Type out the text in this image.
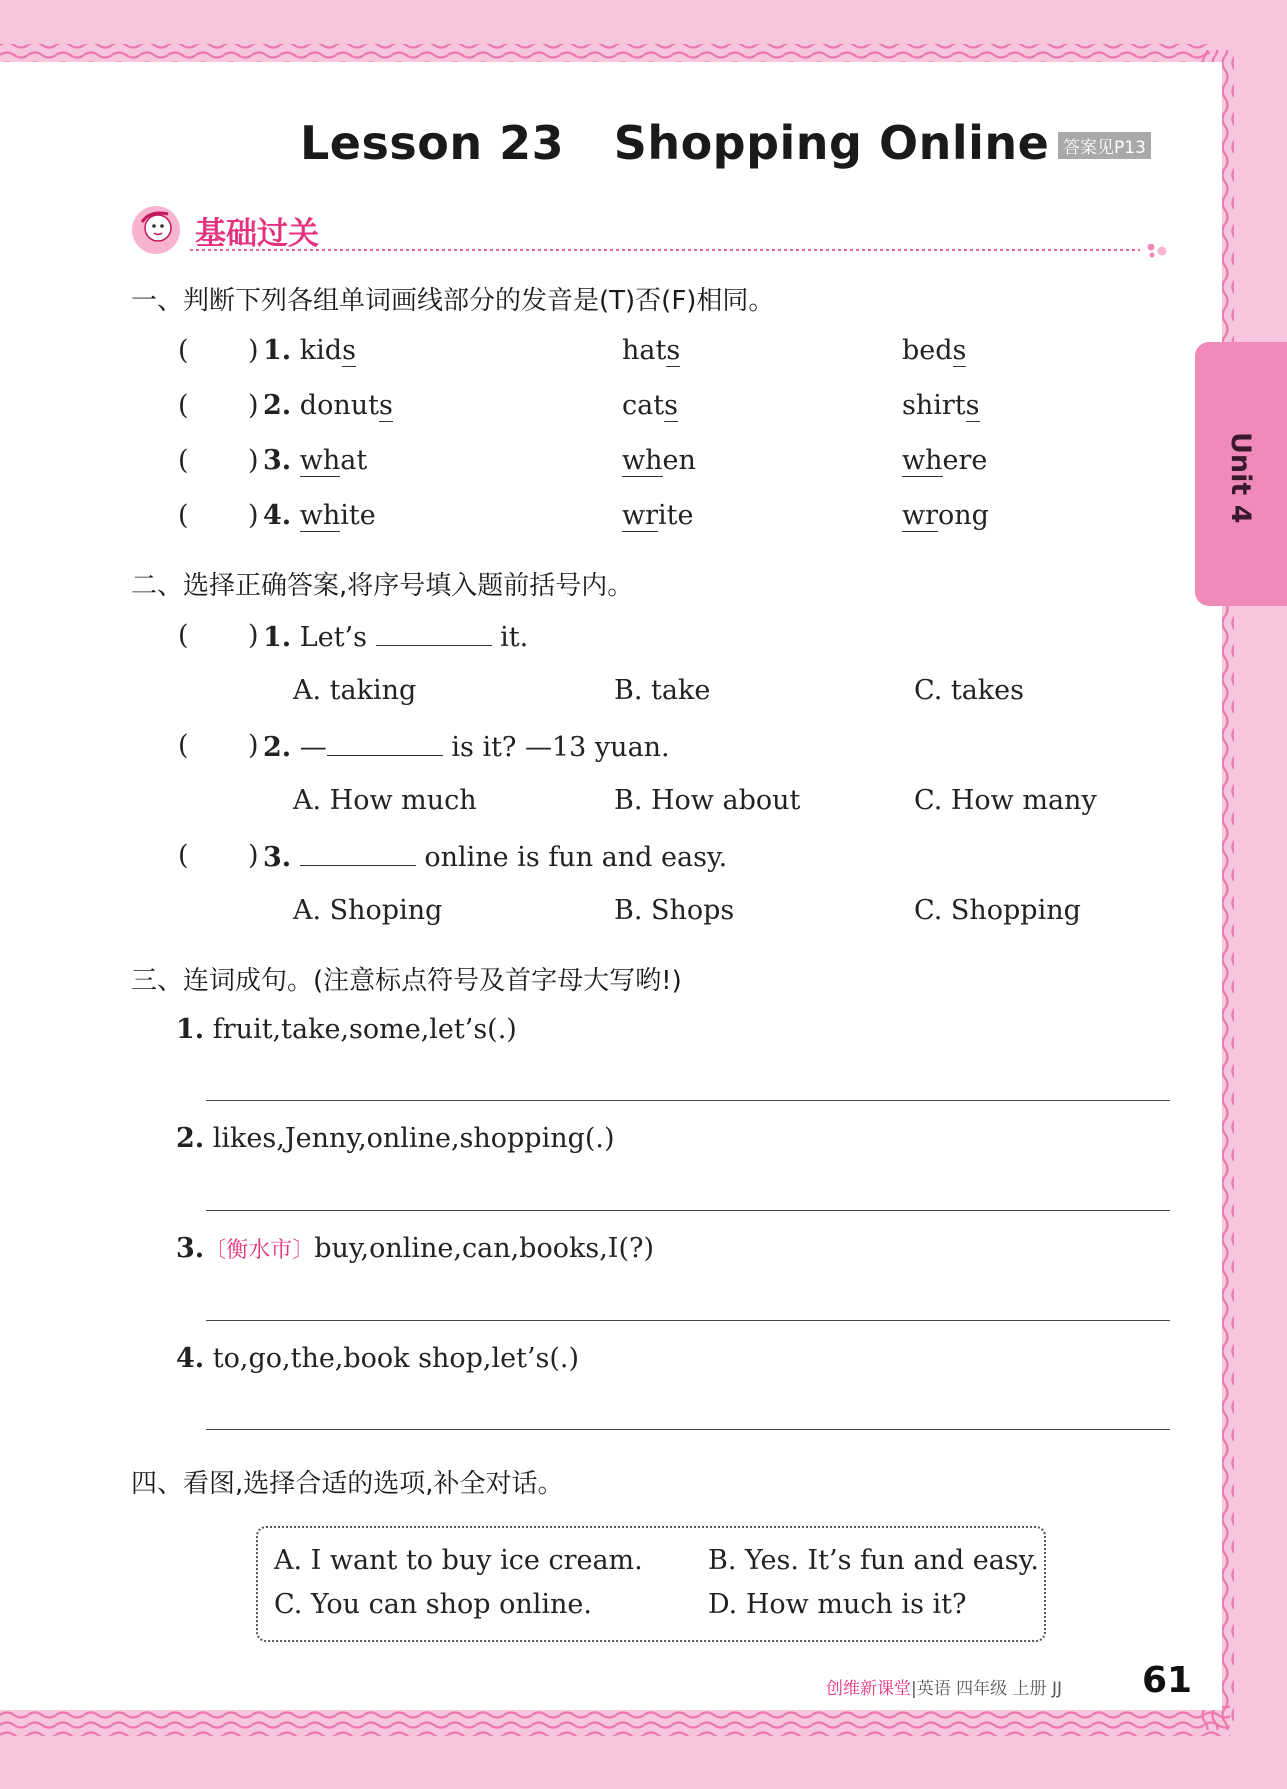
Lesson 23   Shopping Online 答案见P13
Unit 4
基础过关
一、判断下列各组单词画线部分的发音是(T)否(F)相同。
( ) 1. kids	hats	beds
( ) 2. donuts	cats	shirts
( ) 3. what	when	where
( ) 4. white	write	wrong
二、选择正确答案,将序号填入题前括号内。
( ) 1. Let’s	it.
A. taking	B. take	C. takes
( ) 2. —	is it? —13 yuan.
A. How much	B. How about	C. How many
( ) 3.	online is fun and easy.
A. Shoping	B. Shops	C. Shopping
三、连词成句。(注意标点符号及首字母大写哟!)
1. fruit,take,some,let’s(.)
2. likes,Jenny,online,shopping(.)
3.〔衡水市〕buy,online,can,books,I(?)
4. to,go,the,book shop,let’s(.)
四、看图,选择合适的选项,补全对话。
A. I want to buy ice cream. B. Yes. It’s fun and easy.
C. You can shop online.	D. How much is it?
创维新课堂|英语 四年级 上册 JJ 61
